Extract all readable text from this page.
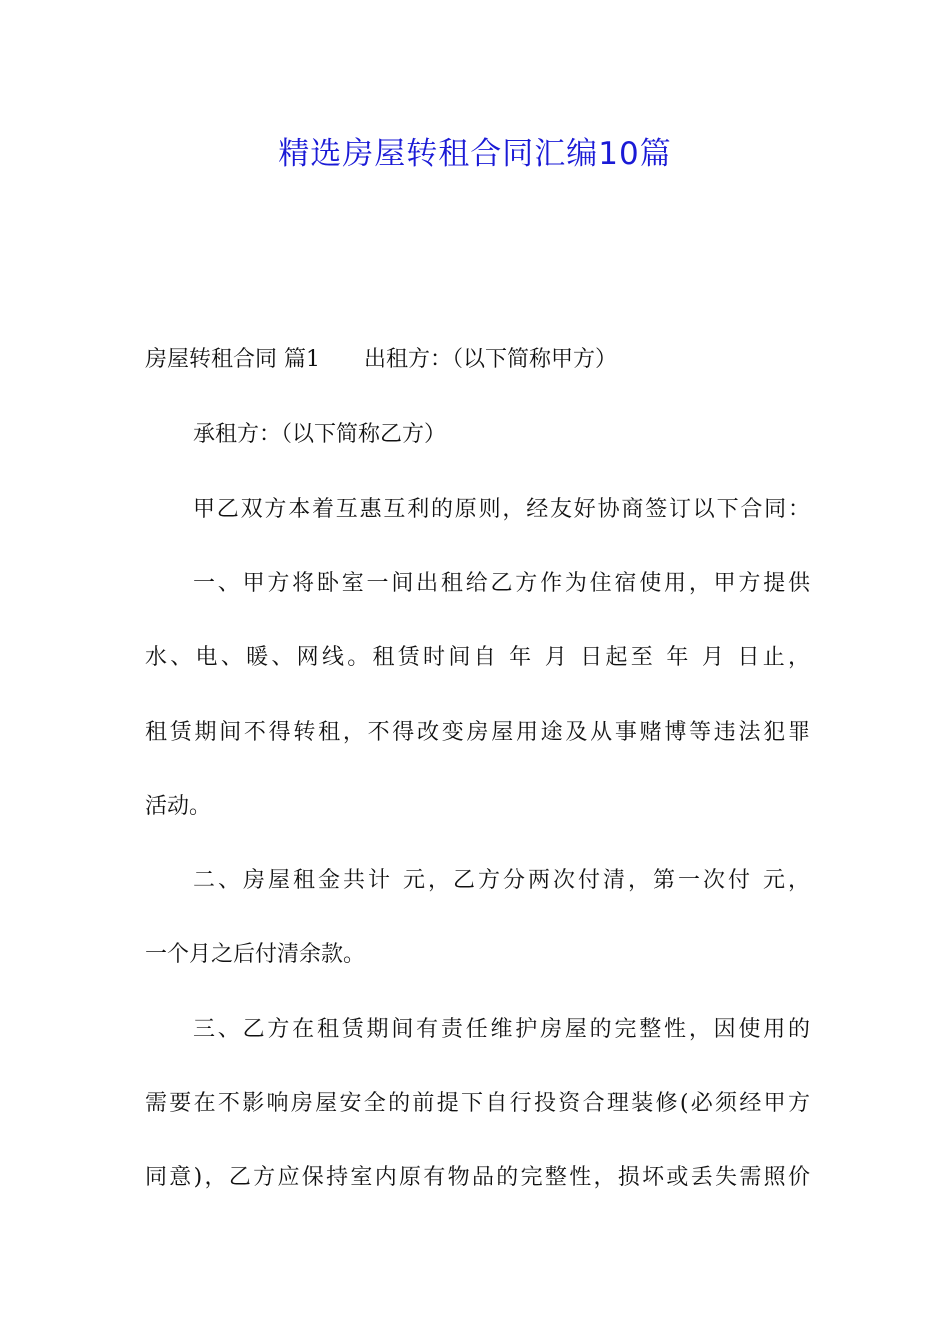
精选房屋转租合同汇编10篇

房屋转租合同 篇1 出租方：（以下简称甲方）

承租方：（以下简称乙方）

甲乙双方本着互惠互利的原则，经友好协商签订以下合同：

一、甲方将卧室一间出租给乙方作为住宿使用，甲方提供

水、电、暖、网线。租赁时间自 年 月 日起至 年 月 日止，

租赁期间不得转租，不得改变房屋用途及从事赌博等违法犯罪

活动。

二、房屋租金共计 元，乙方分两次付清，第一次付 元，

一个月之后付清余款。

三、乙方在租赁期间有责任维护房屋的完整性，因使用的

需要在不影响房屋安全的前提下自行投资合理装修(必须经甲方

同意)，乙方应保持室内原有物品的完整性，损坏或丢失需照价
